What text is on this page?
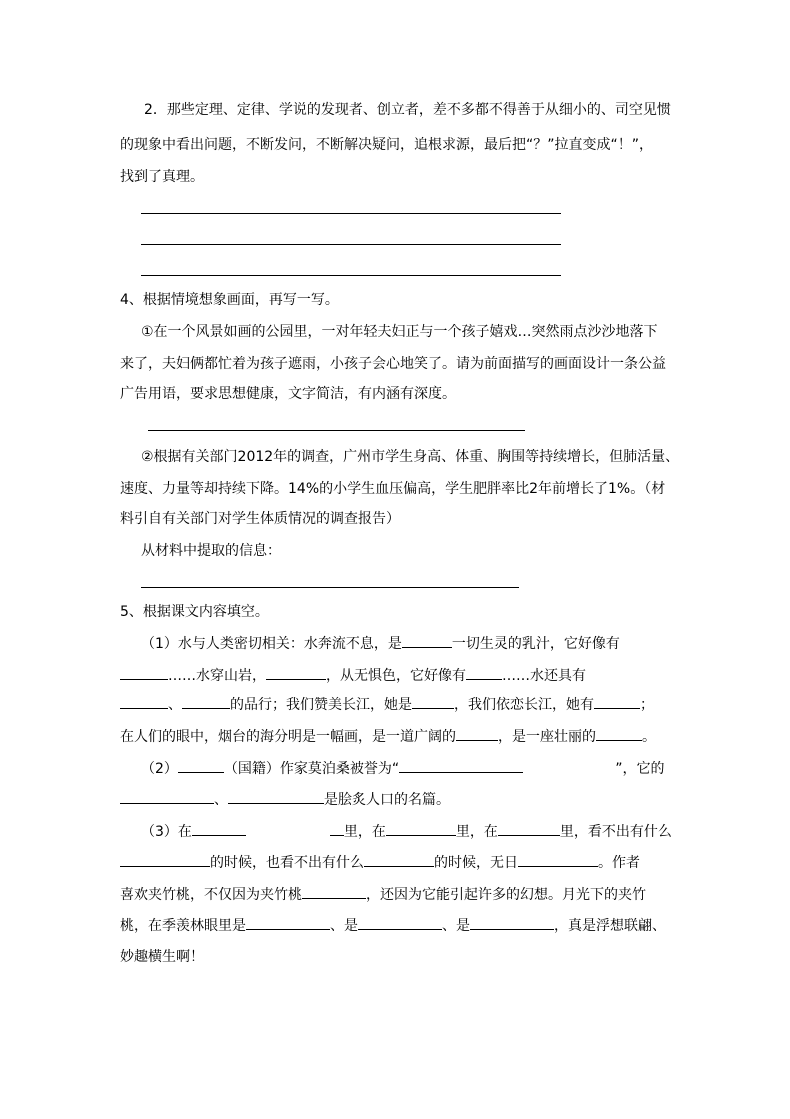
2．那些定理、定律、学说的发现者、创立者，差不多都不得善于从细小的、司空见惯
的现象中看出问题，不断发问，不断解决疑问，追根求源，最后把“？”拉直变成“！”，
找到了真理。
4、根据情境想象画面，再写一写。
①在一个风景如画的公园里，一对年轻夫妇正与一个孩子嬉戏…突然雨点沙沙地落下
来了，夫妇俩都忙着为孩子遮雨，小孩子会心地笑了。请为前面描写的画面设计一条公益
广告用语，要求思想健康，文字简洁，有内涵有深度。
②根据有关部门2012年的调查，广州市学生身高、体重、胸围等持续增长，但肺活量、
速度、力量等却持续下降。14%的小学生血压偏高，学生肥胖率比2年前增长了1%。（材
料引自有关部门对学生体质情况的调查报告）
从材料中提取的信息：
5、根据课文内容填空。
（1）水与人类密切相关：水奔流不息，是	一切生灵的乳汁，它好像有
……水穿山岩，	，从无惧色，它好像有	……水还具有
、	的品行；我们赞美长江，她是	，我们依恋长江，她有	；
在人们的眼中，烟台的海分明是一幅画，是一道广阔的	，是一座壮丽的	。
（2）	（国籍）作家莫泊桑被誉为“	”，它的
、	是脍炙人口的名篇。
（3）在	里，在	里，在	里，看不出有什么
的时候，也看不出有什么	的时候，无日	。作者
喜欢夹竹桃，不仅因为夹竹桃	，还因为它能引起许多的幻想。月光下的夹竹
桃，在季羡林眼里是	、是	、是	，真是浮想联翩、
妙趣横生啊！
